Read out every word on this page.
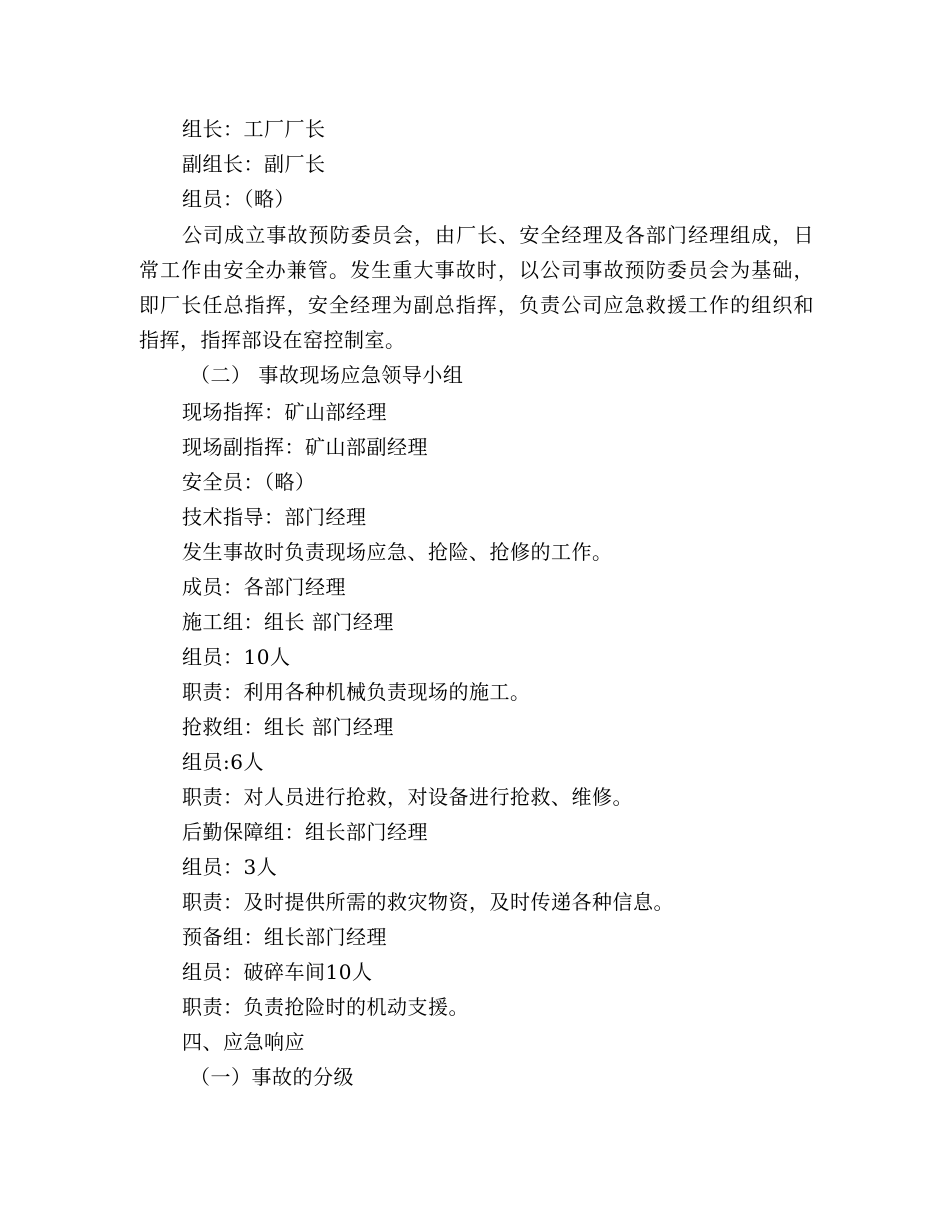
组长：工厂厂长
副组长：副厂长
组员：（略）
公司成立事故预防委员会，由厂长、安全经理及各部门经理组成，日常工作由安全办兼管。发生重大事故时，以公司事故预防委员会为基础，即厂长任总指挥，安全经理为副总指挥，负责公司应急救援工作的组织和指挥，指挥部设在窑控制室。
（二） 事故现场应急领导小组
现场指挥：矿山部经理
现场副指挥：矿山部副经理
安全员：（略）
技术指导：部门经理
发生事故时负责现场应急、抢险、抢修的工作。
成员：各部门经理
施工组：组长 部门经理
组员：10人
职责：利用各种机械负责现场的施工。
抢救组：组长 部门经理
组员:6人
职责：对人员进行抢救，对设备进行抢救、维修。
后勤保障组：组长部门经理
组员：3人
职责：及时提供所需的救灾物资，及时传递各种信息。
预备组：组长部门经理
组员：破碎车间10人
职责：负责抢险时的机动支援。
四、应急响应
（一）事故的分级
